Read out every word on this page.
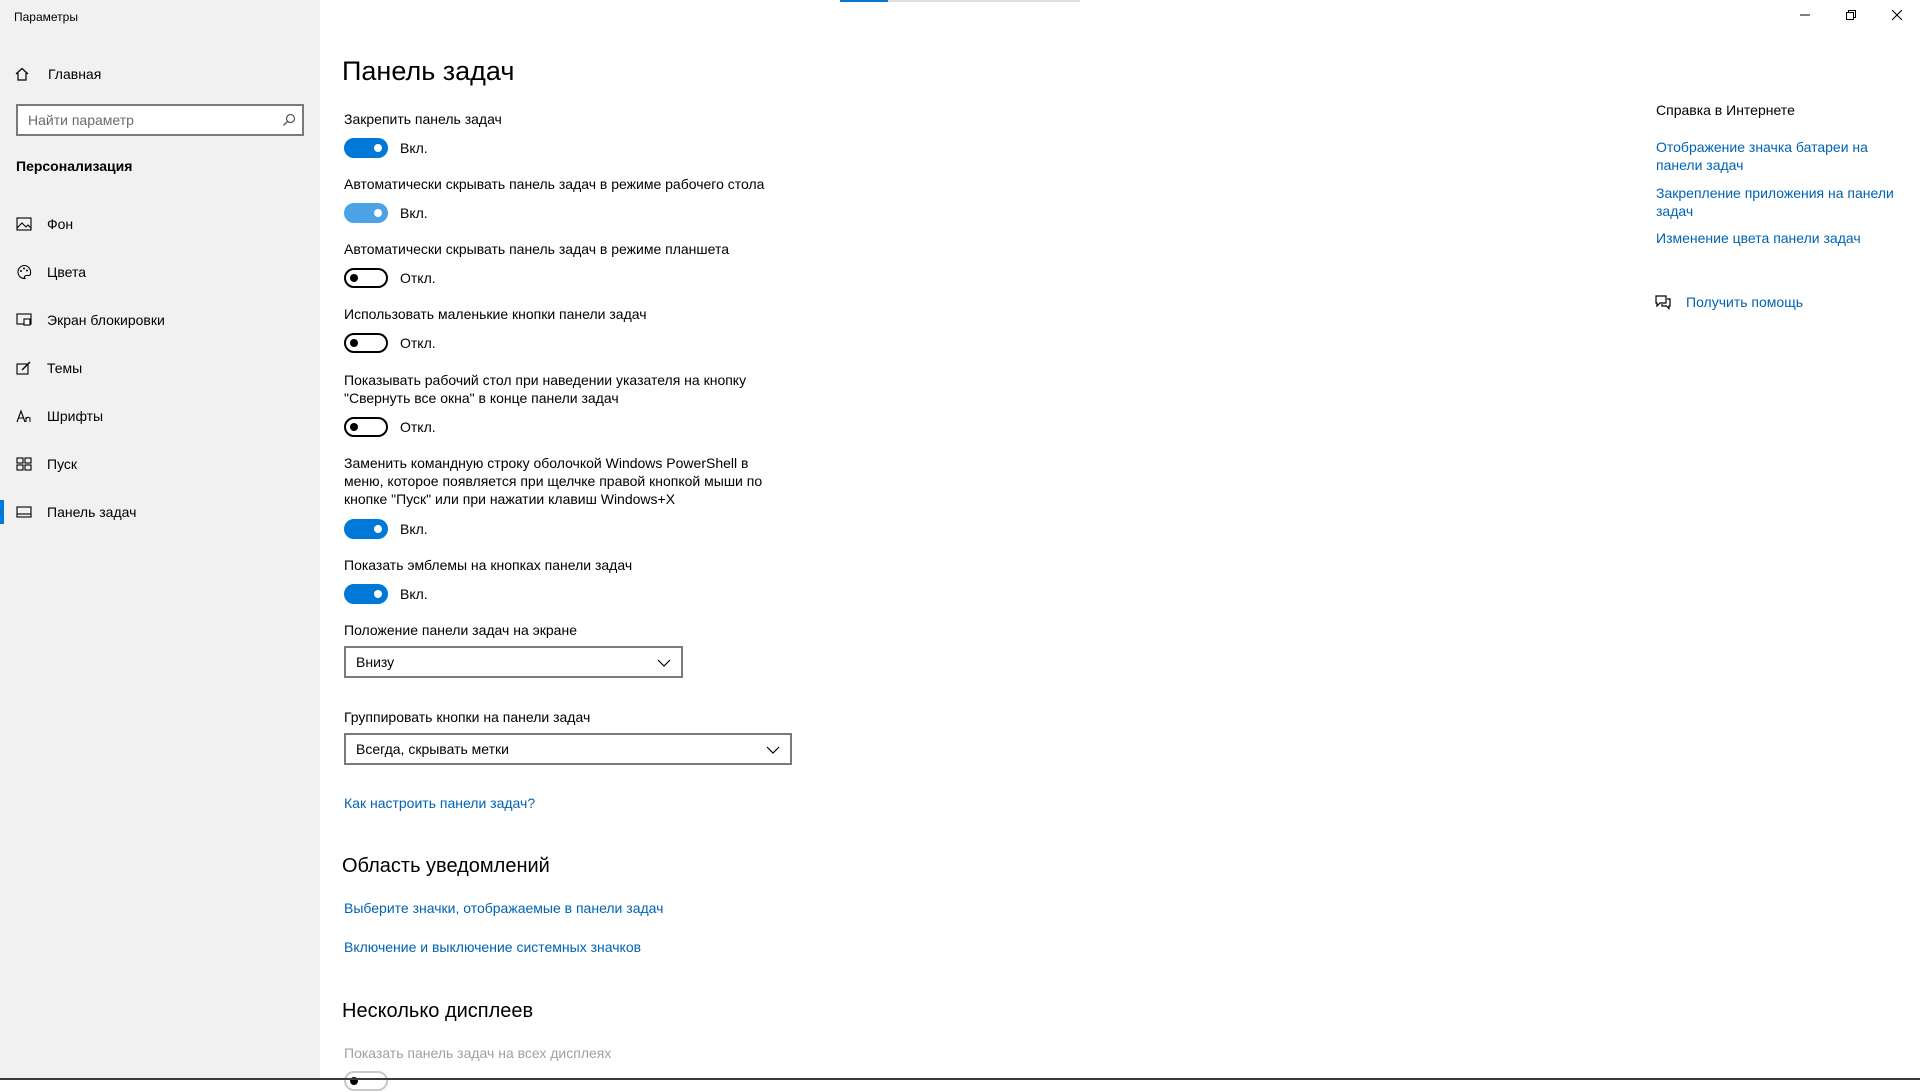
Параметры
Главная
Найти параметр
Персонализация
Фон
Цвета
Экран блокировки
Темы
Шрифты
Пуск
Панель задач
Панель задач
Закрепить панель задач
Вкл.
Автоматически скрывать панель задач в режиме рабочего стола
Вкл.
Автоматически скрывать панель задач в режиме планшета
Откл.
Использовать маленькие кнопки панели задач
Откл.
Показывать рабочий стол при наведении указателя на кнопку
"Свернуть все окна" в конце панели задач
Откл.
Заменить командную строку оболочкой Windows PowerShell в
меню, которое появляется при щелчке правой кнопкой мыши по
кнопке "Пуск" или при нажатии клавиш Windows+X
Вкл.
Показать эмблемы на кнопках панели задач
Вкл.
Положение панели задач на экране
Внизу
Группировать кнопки на панели задач
Всегда, скрывать метки
Как настроить панели задач?
Область уведомлений
Выберите значки, отображаемые в панели задач
Включение и выключение системных значков
Несколько дисплеев
Показать панель задач на всех дисплеях
Справка в Интернете
Отображение значка батареи на панели задач
Закрепление приложения на панели задач
Изменение цвета панели задач
Получить помощь
